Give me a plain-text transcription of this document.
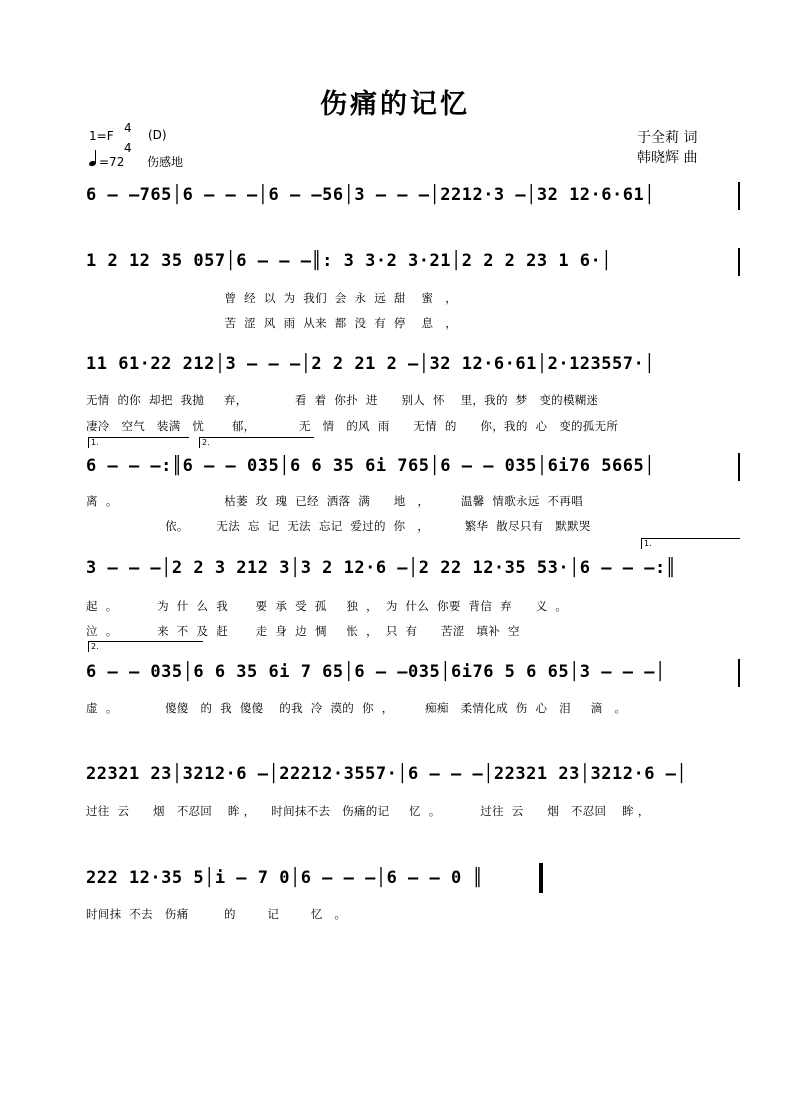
伤痛的记忆
1=F
4
4
(D)
=72 伤感地
于全莉 词
韩晓辉 曲
6 – –765│6 – – –│6 – –56│3 – – –│2212·3 –│32 12·6·61│
1 2 12 35 057│6 – – –║: 3 3·2 3·21│2 2 2 23 1 6·│
曾  经  以  为  我们  会  永  远  甜    蜜   ，
苦  涩  风  雨  从来  都  没  有  停    息   ，
11 61·22 212│3 – – –│2 2 21 2 –│32 12·6·61│2·123557·│
无情  的你  却把  我抛     弃，            看  着  你扑  进      别人  怀    里，我的  梦   变的模糊迷
凄冷   空气   装满   忧       郁，           无   情   的风  雨      无情  的      你，我的  心   变的孤无所
1.	2.
6 – – –:║6 – – 035│6 6 35 6i 765│6 – – 035│6i76 5665│
离  。                           枯萎  玫  瑰  已经  洒落  满      地   ，        温馨  情歌永远  不再唱
依。       无法  忘  记  无法  忘记  爱过的  你   ，         繁华  散尽只有   默默哭
1.
3 – – –│2 2 3 212 3│3 2 12·6 –│2 22 12·35 53·│6 – – –:║
起  。          为  什  么  我       要  承  受  孤     独  ，  为  什么  你要  背信  弃      义  。
泣  。          来  不  及  赶       走  身  边  惆     怅  ，  只  有      苦涩   填补  空
2.
6 – – 035│6 6 35 6i 7 65│6 – –035│6i76 5 6 65│3 – – –│
虚  。            傻傻   的  我  傻傻    的我  冷  漠的  你  ，        痴痴   柔情化成  伤  心   泪     滴   。
22321 23│3212·6 –│22212·3557·│6 – – –│22321 23│3212·6 –│
过往  云      烟   不忍回    眸 ，    时间抹不去   伤痛的记     忆  。          过往  云      烟   不忍回    眸 ，
222 12·35 5│i – 7 0│6 – – –│6 – – 0 ║
时间抹  不去   伤痛         的        记        忆   。
